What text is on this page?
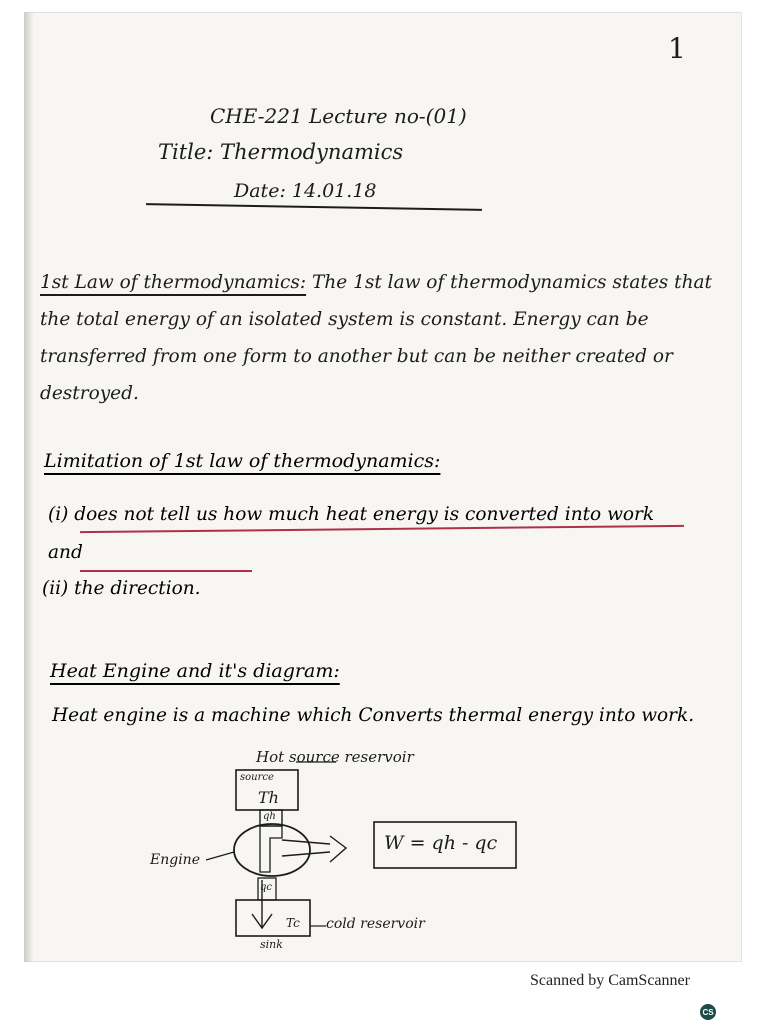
1
CHE-221 Lecture no-(01)
Title: Thermodynamics
Date: 14.01.18
1st Law of thermodynamics: The 1st law of thermodynamics states that the total energy of an isolated system is constant. Energy can be transferred from one form to another but can be neither created or destroyed.
Limitation of 1st law of thermodynamics:
(i) does not tell us how much heat energy is converted into work and
(ii) the direction.
Heat Engine and it's diagram:
Heat engine is a machine which Converts thermal energy into work.
Hot source reservoir
source
Th
qh
Engine
qc
Tc cold reservoir
sink
W = qh - qc
Scanned by CamScanner
CS
